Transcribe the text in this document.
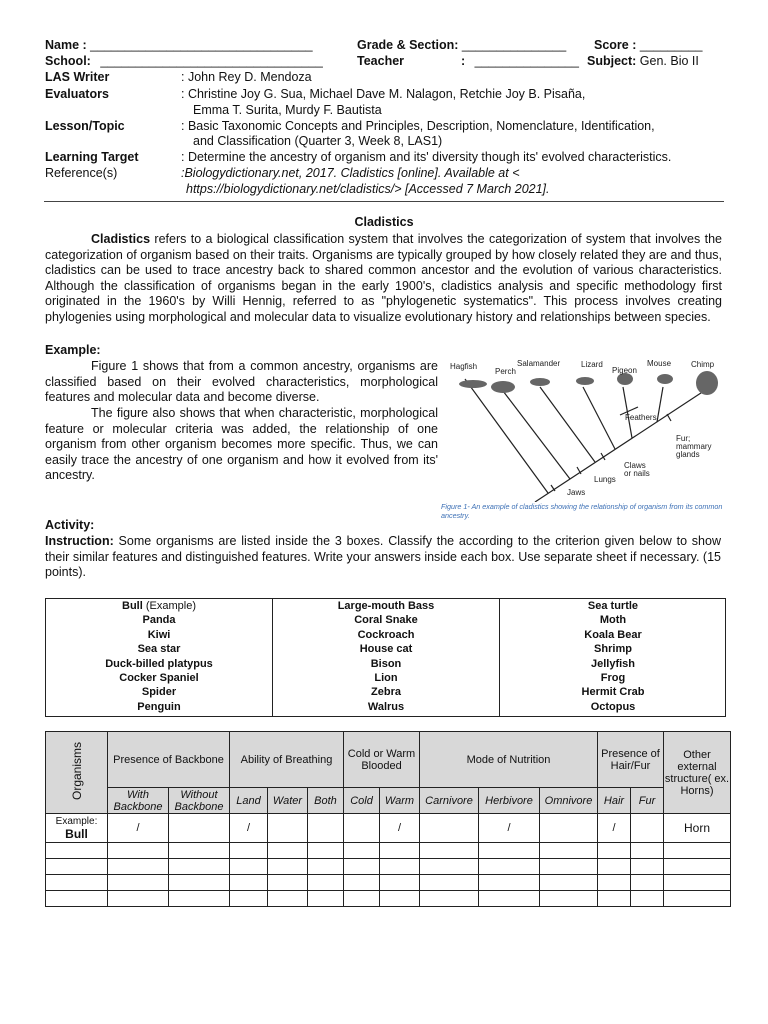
Name : ________________________________	Grade & Section: _______________ Score : _________
School: ________________________________	Teacher	: _______________ Subject: Gen. Bio II
LAS Writer	: John Rey D. Mendoza
Evaluators	: Christine Joy G. Sua, Michael Dave M. Nalagon, Retchie Joy B. Pisaña,
Emma T. Surita, Murdy F. Bautista
Lesson/Topic	: Basic Taxonomic Concepts and Principles, Description, Nomenclature, Identification,
and Classification (Quarter 3, Week 8, LAS1)
Learning Target	: Determine the ancestry of organism and its' diversity though its' evolved characteristics.
Reference(s)	:Biologydictionary.net, 2017. Cladistics [online]. Available at <
https://biologydictionary.net/cladistics/> [Accessed 7 March 2021].
Cladistics
Cladistics refers to a biological classification system that involves the categorization of system that involves the categorization of organism based on their traits. Organisms are typically grouped by how closely related they are and thus, cladistics can be used to trace ancestry back to shared common ancestor and the evolution of various characteristics. Although the classification of organisms began in the early 1900's, cladistics analysis and specific methodology first originated in the 1960's by Willi Hennig, referred to as "phylogenetic systematics". This process involves creating phylogenies using morphological and molecular data to visualize evolutionary history and relationships between species.
Example:
Figure 1 shows that from a common ancestry, organisms are classified based on their evolved characteristics, morphological features and molecular data and become diverse.
The figure also shows that when characteristic, morphological feature or molecular criteria was added, the relationship of one organism from other organism becomes more specific. Thus, we can easily trace the ancestry of one organism and how it evolved from its' ancestry.
Hagfish
Perch
Salamander	Lizard
Pigeon
Mouse Chimp
Feathers
Fur;
mammary
glands
Claws
or nails
Lungs
Jaws
Figure 1- An example of cladistics showing the relationship of organism from its common ancestry.
Activity:
Instruction: Some organisms are listed inside the 3 boxes. Classify the according to the criterion given below to show their similar features and distinguished features. Write your answers inside each box. Use separate sheet if necessary. (15 points).
Bull (Example)
Panda
Kiwi
Sea star
Duck-billed platypus
Cocker Spaniel
Spider
Penguin
Large-mouth Bass
Coral Snake
Cockroach
House cat
Bison
Lion
Zebra
Walrus
Sea turtle
Moth
Koala Bear
Shrimp
Jellyfish
Frog
Hermit Crab
Octopus
Organisms	Presence of Backbone		Ability of Breathing			Cold or Warm Blooded		Mode of Nutrition			Presence of Hair/Fur		Other external structure( ex. Horns)
	With Backbone	Without Backbone	Land	Water	Both	Cold	Warm	Carnivore	Herbivore	Omnivore	Hair	Fur	

Example:
Bull	/		/				/		/		/		Horn
